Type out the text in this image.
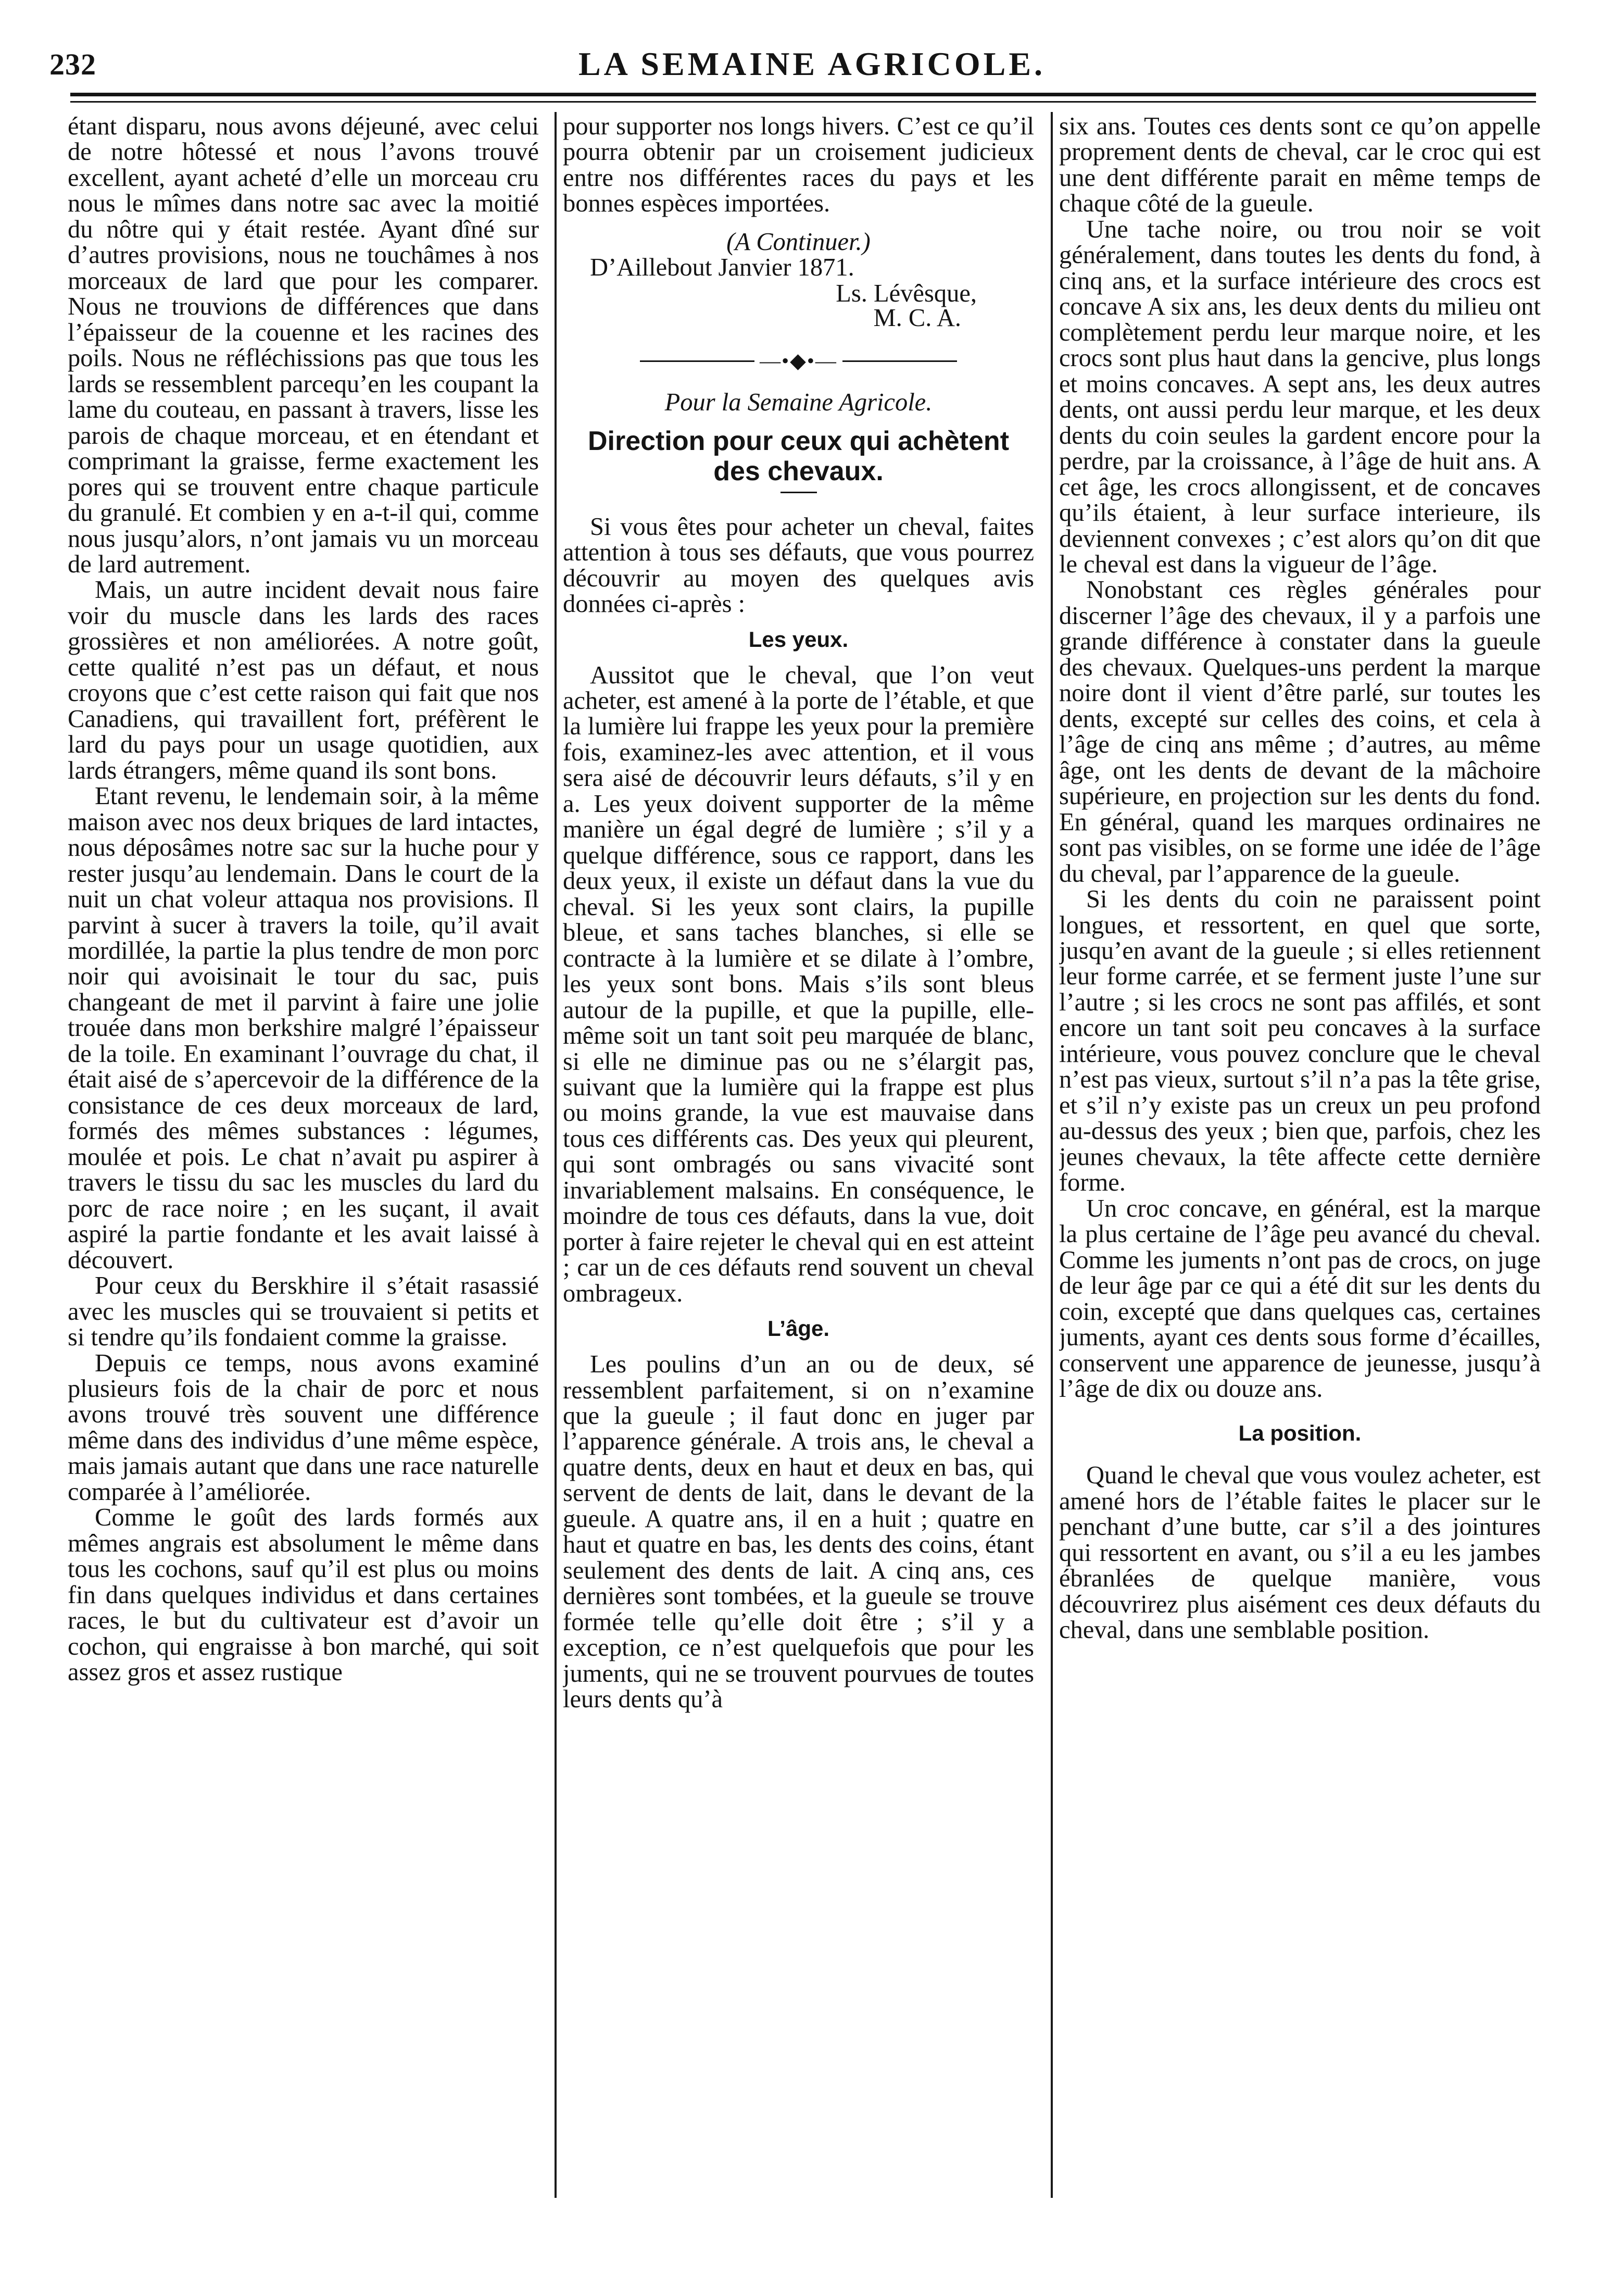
232	LA SEMAINE AGRICOLE.

étant disparu, nous avons déjeuné, avec celui de notre hôtessé et nous l’avons trouvé excellent, ayant acheté d’elle un morceau cru nous le mîmes dans notre sac avec la moitié du nôtre qui y était restée. Ayant dîné sur d’autres provisions, nous ne touchâmes à nos morceaux de lard que pour les comparer. Nous ne trouvions de différences que dans l’épaisseur de la couenne et les racines des poils. Nous ne réfléchissions pas que tous les lards se ressemblent parcequ’en les coupant la lame du couteau, en passant à travers, lisse les parois de chaque morceau, et en étendant et comprimant la graisse, ferme exactement les pores qui se trouvent entre chaque particule du granulé. Et combien y en a-t-il qui, comme nous jusqu’alors, n’ont jamais vu un morceau de lard autrement.

Mais, un autre incident devait nous faire voir du muscle dans les lards des races grossières et non améliorées. A notre goût, cette qualité n’est pas un défaut, et nous croyons que c’est cette raison qui fait que nos Canadiens, qui travaillent fort, préfèrent le lard du pays pour un usage quotidien, aux lards étrangers, même quand ils sont bons.

Etant revenu, le lendemain soir, à la même maison avec nos deux briques de lard intactes, nous déposâmes notre sac sur la huche pour y rester jusqu’au lendemain. Dans le court de la nuit un chat voleur attaqua nos provisions. Il parvint à sucer à travers la toile, qu’il avait mordillée, la partie la plus tendre de mon porc noir qui avoisinait le tour du sac, puis changeant de met il parvint à faire une jolie trouée dans mon berkshire malgré l’épaisseur de la toile. En examinant l’ouvrage du chat, il était aisé de s’apercevoir de la différence de la consistance de ces deux morceaux de lard, formés des mêmes substances : légumes, moulée et pois. Le chat n’avait pu aspirer à travers le tissu du sac les muscles du lard du porc de race noire ; en les suçant, il avait aspiré la partie fondante et les avait laissé à découvert.

Pour ceux du Berskhire il s’était rasassié avec les muscles qui se trouvaient si petits et si tendre qu’ils fondaient comme la graisse.

Depuis ce temps, nous avons examiné plusieurs fois de la chair de porc et nous avons trouvé très souvent une différence même dans des individus d’une même espèce, mais jamais autant que dans une race naturelle comparée à l’améliorée.

Comme le goût des lards formés aux mêmes angrais est absolument le même dans tous les cochons, sauf qu’il est plus ou moins fin dans quelques individus et dans certaines races, le but du cultivateur est d’avoir un cochon, qui engraisse à bon marché, qui soit assez gros et assez rustique

pour supporter nos longs hivers. C’est ce qu’il pourra obtenir par un croisement judicieux entre nos différentes races du pays et les bonnes espèces importées.

(A Continuer.)

D’Aillebout Janvier 1871.

Ls. Lévêsque,

M. C. A.

—•◆•—

Pour la Semaine Agricole.

Direction pour ceux qui achètent des chevaux.

Si vous êtes pour acheter un cheval, faites attention à tous ses défauts, que vous pourrez découvrir au moyen des quelques avis données ci-après :

Les yeux.

Aussitot que le cheval, que l’on veut acheter, est amené à la porte de l’étable, et que la lumière lui frappe les yeux pour la première fois, examinez-les avec attention, et il vous sera aisé de découvrir leurs défauts, s’il y en a. Les yeux doivent supporter de la même manière un égal degré de lumière ; s’il y a quelque différence, sous ce rapport, dans les deux yeux, il existe un défaut dans la vue du cheval. Si les yeux sont clairs, la pupille bleue, et sans taches blanches, si elle se contracte à la lumière et se dilate à l’ombre, les yeux sont bons. Mais s’ils sont bleus autour de la pupille, et que la pupille, elle-même soit un tant soit peu marquée de blanc, si elle ne diminue pas ou ne s’élargit pas, suivant que la lumière qui la frappe est plus ou moins grande, la vue est mauvaise dans tous ces différents cas. Des yeux qui pleurent, qui sont ombragés ou sans vivacité sont invariablement malsains. En conséquence, le moindre de tous ces défauts, dans la vue, doit porter à faire rejeter le cheval qui en est atteint ; car un de ces défauts rend souvent un cheval ombrageux.

L’âge.

Les poulins d’un an ou de deux, sé ressemblent parfaitement, si on n’examine que la gueule ; il faut donc en juger par l’apparence générale. A trois ans, le cheval a quatre dents, deux en haut et deux en bas, qui servent de dents de lait, dans le devant de la gueule. A quatre ans, il en a huit ; quatre en haut et quatre en bas, les dents des coins, étant seulement des dents de lait. A cinq ans, ces dernières sont tombées, et la gueule se trouve formée telle qu’elle doit être ; s’il y a exception, ce n’est quelquefois que pour les juments, qui ne se trouvent pourvues de toutes leurs dents qu’à

six ans. Toutes ces dents sont ce qu’on appelle proprement dents de cheval, car le croc qui est une dent différente parait en même temps de chaque côté de la gueule.

Une tache noire, ou trou noir se voit généralement, dans toutes les dents du fond, à cinq ans, et la surface intérieure des crocs est concave A six ans, les deux dents du milieu ont complètement perdu leur marque noire, et les crocs sont plus haut dans la gencive, plus longs et moins concaves. A sept ans, les deux autres dents, ont aussi perdu leur marque, et les deux dents du coin seules la gardent encore pour la perdre, par la croissance, à l’âge de huit ans. A cet âge, les crocs allongissent, et de concaves qu’ils étaient, à leur surface interieure, ils deviennent convexes ; c’est alors qu’on dit que le cheval est dans la vigueur de l’âge.

Nonobstant ces règles générales pour discerner l’âge des chevaux, il y a parfois une grande différence à constater dans la gueule des chevaux. Quelques-uns perdent la marque noire dont il vient d’être parlé, sur toutes les dents, excepté sur celles des coins, et cela à l’âge de cinq ans même ; d’autres, au même âge, ont les dents de devant de la mâchoire supérieure, en projection sur les dents du fond. En général, quand les marques ordinaires ne sont pas visibles, on se forme une idée de l’âge du cheval, par l’apparence de la gueule.

Si les dents du coin ne paraissent point longues, et ressortent, en quel que sorte, jusqu’en avant de la gueule ; si elles retiennent leur forme carrée, et se ferment juste l’une sur l’autre ; si les crocs ne sont pas affilés, et sont encore un tant soit peu concaves à la surface intérieure, vous pouvez conclure que le cheval n’est pas vieux, surtout s’il n’a pas la tête grise, et s’il n’y existe pas un creux un peu profond au-dessus des yeux ; bien que, parfois, chez les jeunes chevaux, la tête affecte cette dernière forme.

Un croc concave, en général, est la marque la plus certaine de l’âge peu avancé du cheval. Comme les juments n’ont pas de crocs, on juge de leur âge par ce qui a été dit sur les dents du coin, excepté que dans quelques cas, certaines juments, ayant ces dents sous forme d’écailles, conservent une apparence de jeunesse, jusqu’à l’âge de dix ou douze ans.

La position.

Quand le cheval que vous voulez acheter, est amené hors de l’étable faites le placer sur le penchant d’une butte, car s’il a des jointures qui ressortent en avant, ou s’il a eu les jambes ébranlées de quelque manière, vous découvrirez plus aisément ces deux défauts du cheval, dans une semblable position.
